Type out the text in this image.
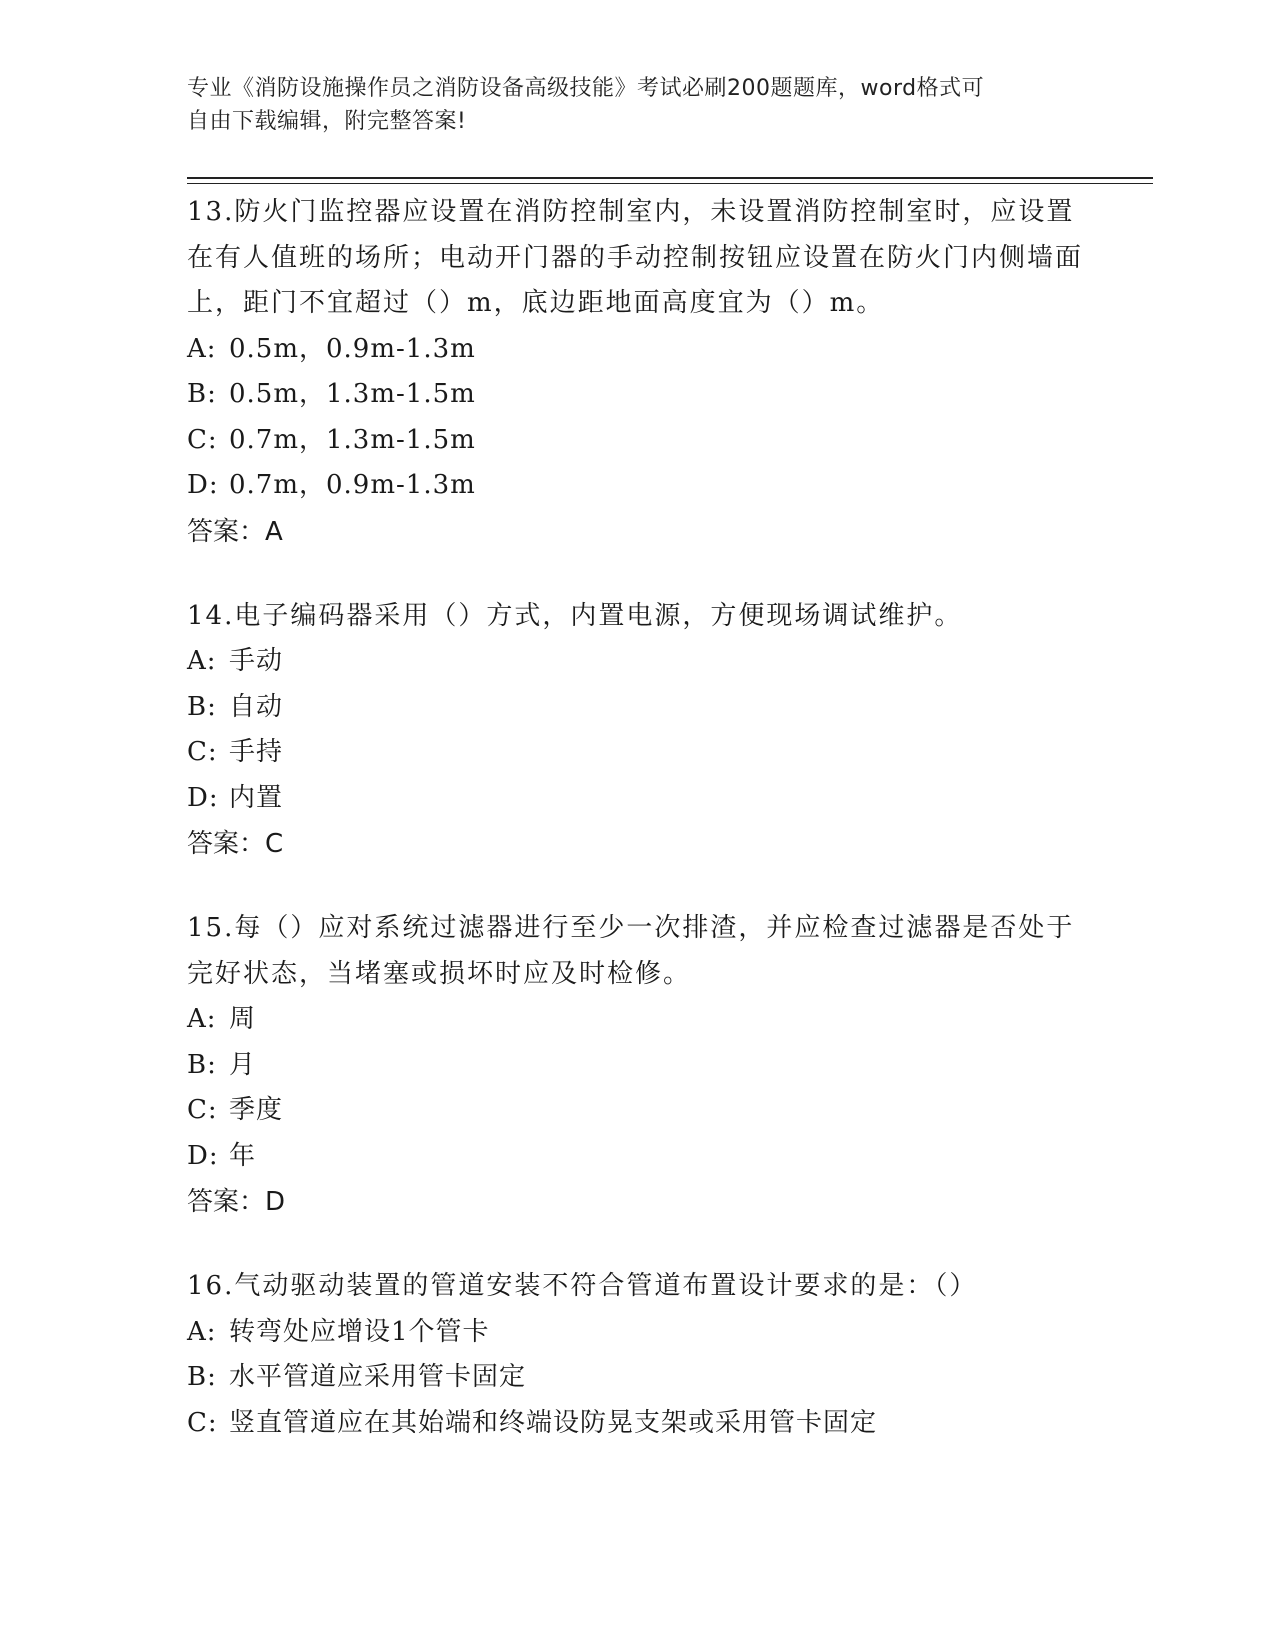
专业《消防设施操作员之消防设备高级技能》考试必刷200题题库，word格式可
自由下载编辑，附完整答案!

13.防火门监控器应设置在消防控制室内，未设置消防控制室时，应设置在有人值班的场所；电动开门器的手动控制按钮应设置在防火门内侧墙面上，距门不宜超过（）m，底边距地面高度宜为（）m。

A: 0.5m，0.9m-1.3m
B: 0.5m，1.3m-1.5m
C: 0.7m，1.3m-1.5m
D: 0.7m，0.9m-1.3m

答案：A

14.电子编码器采用（）方式，内置电源，方便现场调试维护。

A: 手动
B: 自动
C: 手持
D: 内置

答案：C

15.每（）应对系统过滤器进行至少一次排渣，并应检查过滤器是否处于完好状态，当堵塞或损坏时应及时检修。

A: 周
B: 月
C: 季度
D: 年

答案：D

16.气动驱动装置的管道安装不符合管道布置设计要求的是：（）

A: 转弯处应增设1个管卡
B: 水平管道应采用管卡固定
C: 竖直管道应在其始端和终端设防晃支架或采用管卡固定
